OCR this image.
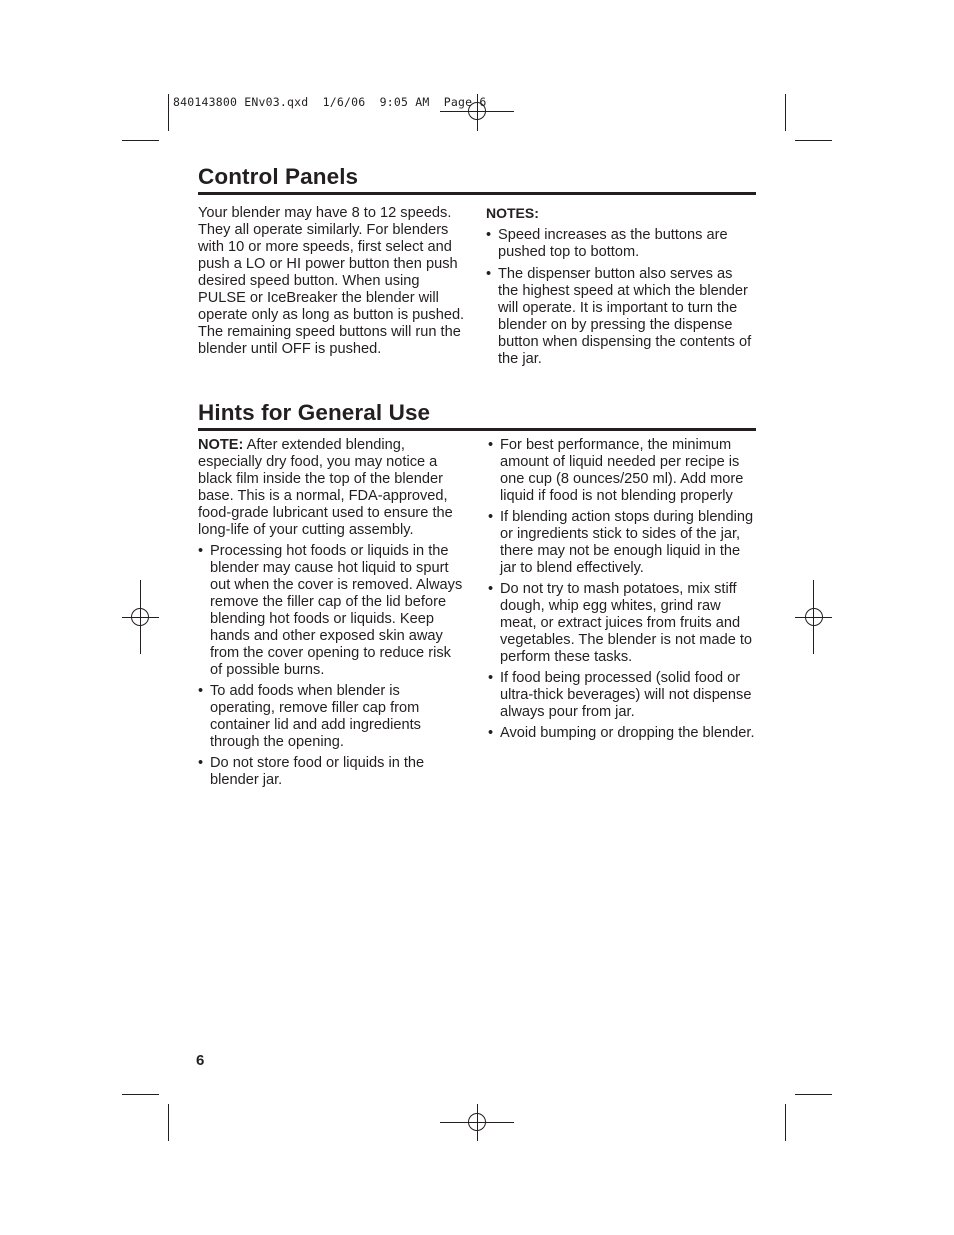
840143800 ENv03.qxd  1/6/06  9:05 AM  Page 6
Control Panels

Your blender may have 8 to 12 speeds. They all operate similarly. For blenders with 10 or more speeds, first select and push a LO or HI power button then push desired speed button. When using PULSE or IceBreaker the blender will operate only as long as button is pushed. The remaining speed buttons will run the blender until OFF is pushed.

NOTES:
• Speed increases as the buttons are pushed top to bottom.
• The dispenser button also serves as the highest speed at which the blender will operate. It is important to turn the blender on by pressing the dispense button when dispensing the contents of the jar.
Hints for General Use

NOTE: After extended blending, especially dry food, you may notice a black film inside the top of the blender base. This is a normal, FDA-approved, food-grade lubricant used to ensure the long-life of your cutting assembly.

• Processing hot foods or liquids in the blender may cause hot liquid to spurt out when the cover is removed. Always remove the filler cap of the lid before blending hot foods or liquids. Keep hands and other exposed skin away from the cover opening to reduce risk of possible burns.
• To add foods when blender is operating, remove filler cap from container lid and add ingredients through the opening.
• Do not store food or liquids in the blender jar.
• For best performance, the minimum amount of liquid needed per recipe is one cup (8 ounces/250 ml). Add more liquid if food is not blending properly
• If blending action stops during blending or ingredients stick to sides of the jar, there may not be enough liquid in the jar to blend effectively.
• Do not try to mash potatoes, mix stiff dough, whip egg whites, grind raw meat, or extract juices from fruits and vegetables. The blender is not made to perform these tasks.
• If food being processed (solid food or ultra-thick beverages) will not dispense always pour from jar.
• Avoid bumping or dropping the blender.
6
